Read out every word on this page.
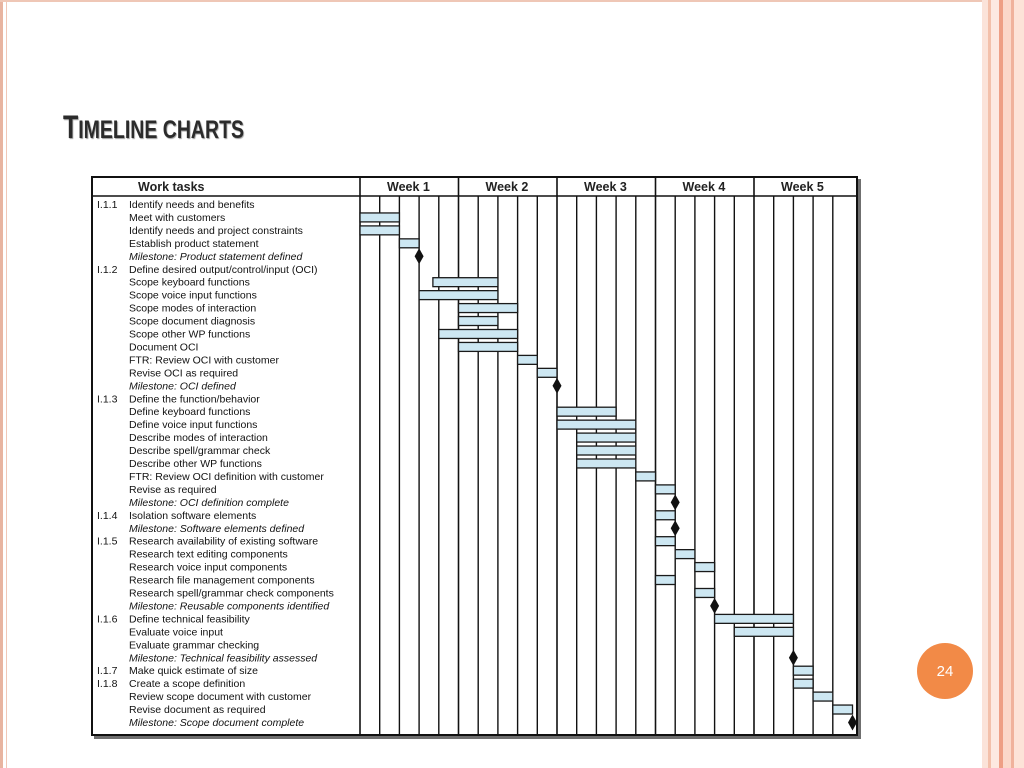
TIMELINE CHARTS
Work tasks	Week 1	Week 2	Week 3	Week 4	Week 5
I.1.1 Identify needs and benefits
Meet with customers
Identify needs and project constraints
Establish product statement
Milestone: Product statement defined
I.1.2 Define desired output/control/input (OCI)
Scope keyboard functions
Scope voice input functions
Scope modes of interaction
Scope document diagnosis
Scope other WP functions
Document OCI
FTR: Review OCI with customer
Revise OCI as required
Milestone: OCI defined
I.1.3 Define the function/behavior
Define keyboard functions
Define voice input functions
Describe modes of interaction
Describe spell/grammar check
Describe other WP functions
FTR: Review OCI definition with customer
Revise as required
Milestone: OCI definition complete
I.1.4 Isolation software elements
Milestone: Software elements defined
I.1.5 Research availability of existing software
Research text editing components
Research voice input components
Research file management components
Research spell/grammar check components
Milestone: Reusable components identified
I.1.6 Define technical feasibility
Evaluate voice input
Evaluate grammar checking
Milestone: Technical feasibility assessed
I.1.7 Make quick estimate of size
I.1.8 Create a scope definition
Review scope document with customer
Revise document as required
Milestone: Scope document complete
24
